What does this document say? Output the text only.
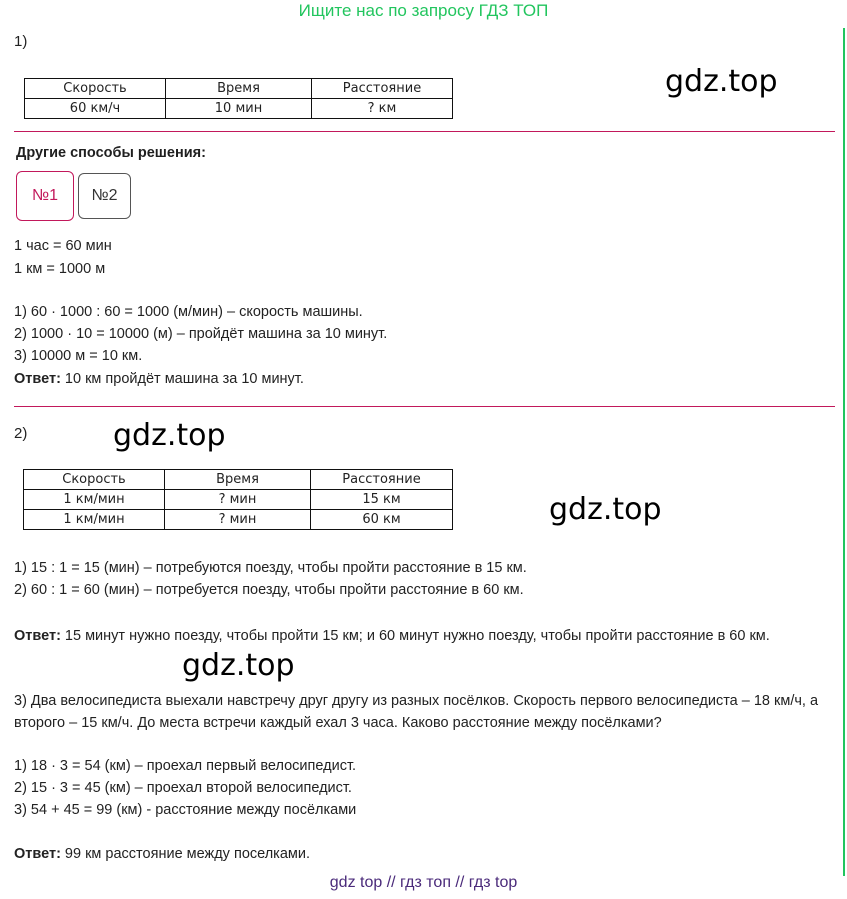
Ищите нас по запросу ГДЗ ТОП
1)
gdz.top
Скорость	Время	Расстояние
60 км/ч	10 мин	? км
Другие способы решения:
№1	№2
1 час = 60 мин
1 км = 1000 м
1) 60 · 1000 : 60 = 1000 (м/мин) – скорость машины.
2) 1000 · 10 = 10000 (м) – пройдёт машина за 10 минут.
3) 10000 м = 10 км.
Ответ: 10 км пройдёт машина за 10 минут.
2)	gdz.top
Скорость	Время	Расстояние
1 км/мин	? мин	15 км
1 км/мин	? мин	60 км	gdz.top
1) 15 : 1 = 15 (мин) – потребуются поезду, чтобы пройти расстояние в 15 км.
2) 60 : 1 = 60 (мин) – потребуется поезду, чтобы пройти расстояние в 60 км.
Ответ: 15 минут нужно поезду, чтобы пройти 15 км; и 60 минут нужно поезду, чтобы пройти расстояние в 60 км.
gdz.top
3) Два велосипедиста выехали навстречу друг другу из разных посёлков. Скорость первого велосипедиста – 18 км/ч, а второго – 15 км/ч. До места встречи каждый ехал 3 часа. Каково расстояние между посёлками?
1) 18 · 3 = 54 (км) – проехал первый велосипедист.
2) 15 · 3 = 45 (км) – проехал второй велосипедист.
3) 54 + 45 = 99 (км) - расстояние между посёлками
Ответ: 99 км расстояние между поселками.
gdz top // гдз топ // гдз top
